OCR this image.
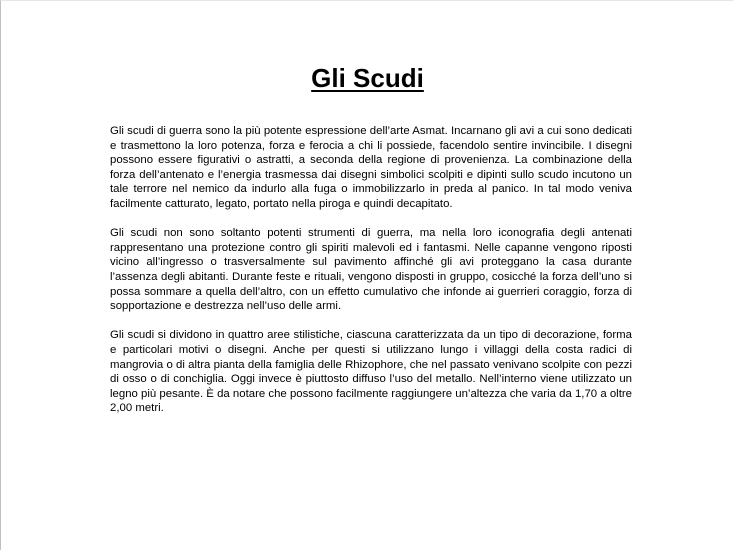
Gli Scudi

Gli scudi di guerra sono la più potente espressione dell’arte Asmat. Incarnano gli avi a cui sono dedicati e trasmettono la loro potenza, forza e ferocia a chi li possiede, facendolo sentire invincibile. I disegni possono essere figurativi o astratti, a seconda della regione di provenienza. La combinazione della forza dell’antenato e l’energia trasmessa dai disegni simbolici scolpiti e dipinti sullo scudo incutono un tale terrore nel nemico da indurlo alla fuga o immobilizzarlo in preda al panico. In tal modo veniva facilmente catturato, legato, portato nella piroga e quindi decapitato.

Gli scudi non sono soltanto potenti strumenti di guerra, ma nella loro iconografia degli antenati rappresentano una protezione contro gli spiriti malevoli ed i fantasmi. Nelle capanne vengono riposti vicino all’ingresso o trasversalmente sul pavimento affinché gli avi proteggano la casa durante l’assenza degli abitanti. Durante feste e rituali, vengono disposti in gruppo, cosicché la forza dell’uno si possa sommare a quella dell’altro, con un effetto cumulativo che infonde ai guerrieri coraggio, forza di sopportazione e destrezza nell’uso delle armi.

Gli scudi si dividono in quattro aree stilistiche, ciascuna caratterizzata da un tipo di decorazione, forma e particolari motivi o disegni. Anche per questi si utilizzano lungo i villaggi della costa radici di mangrovia o di altra pianta della famiglia delle Rhizophore, che nel passato venivano scolpite con pezzi di osso o di conchiglia. Oggi invece è piuttosto diffuso l’uso del metallo. Nell’interno viene utilizzato un legno più pesante. È da notare che possono facilmente raggiungere un’altezza che varia da 1,70 a oltre 2,00 metri.
